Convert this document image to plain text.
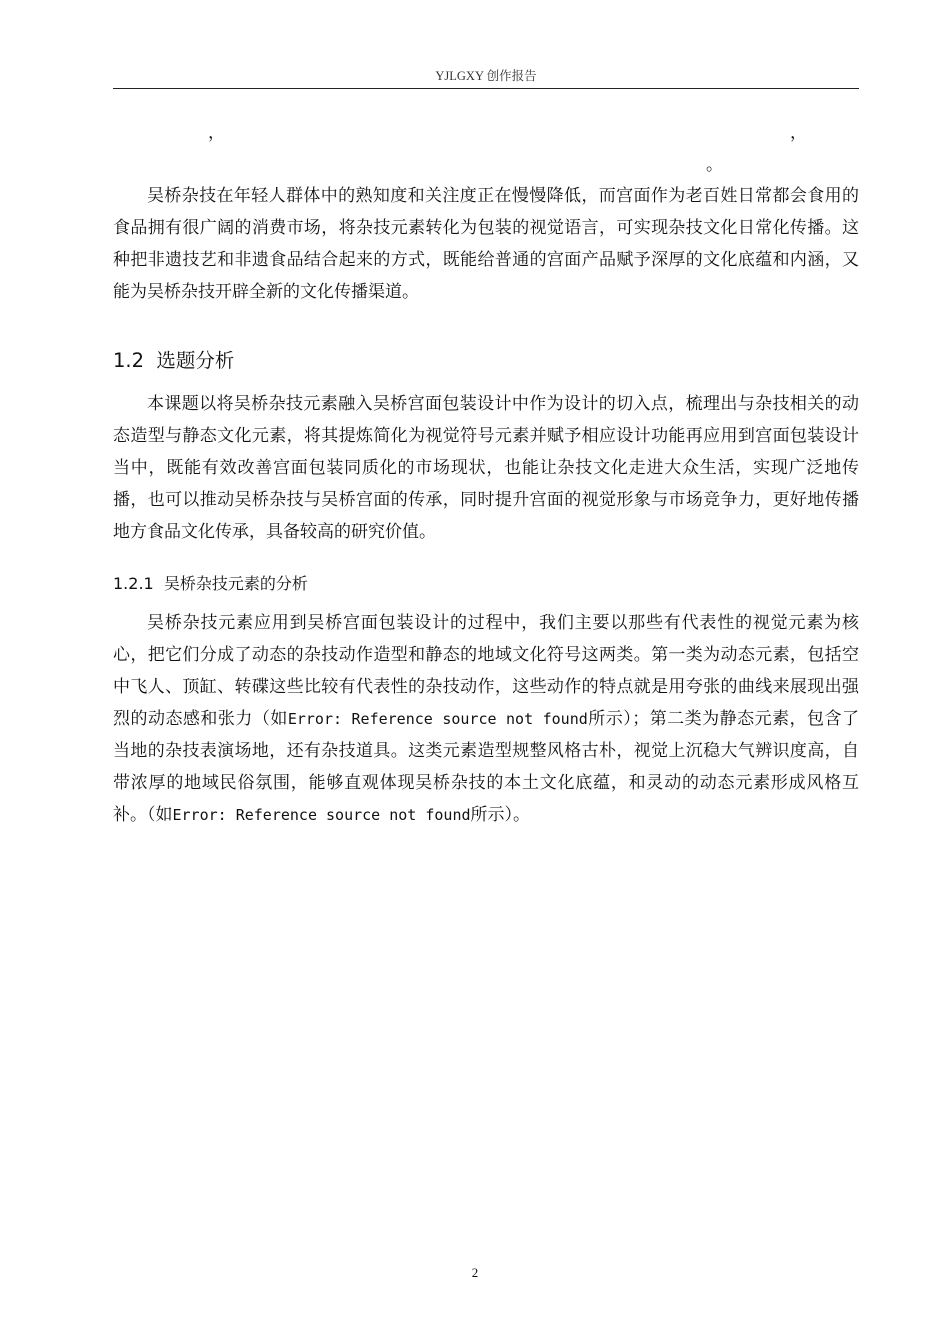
YJLGXY 创作报告
，	，
。

吴桥杂技在年轻人群体中的熟知度和关注度正在慢慢降低，而宫面作为老百姓日常都会食用的食品拥有很广阔的消费市场，将杂技元素转化为包装的视觉语言，可实现杂技文化日常化传播。这种把非遗技艺和非遗食品结合起来的方式，既能给普通的宫面产品赋予深厚的文化底蕴和内涵，又能为吴桥杂技开辟全新的文化传播渠道。

1.2 选题分析

本课题以将吴桥杂技元素融入吴桥宫面包装设计中作为设计的切入点，梳理出与杂技相关的动态造型与静态文化元素，将其提炼简化为视觉符号元素并赋予相应设计功能再应用到宫面包装设计当中，既能有效改善宫面包装同质化的市场现状，也能让杂技文化走进大众生活，实现广泛地传播，也可以推动吴桥杂技与吴桥宫面的传承，同时提升宫面的视觉形象与市场竞争力，更好地传播地方食品文化传承，具备较高的研究价值。

1.2.1 吴桥杂技元素的分析

吴桥杂技元素应用到吴桥宫面包装设计的过程中，我们主要以那些有代表性的视觉元素为核心，把它们分成了动态的杂技动作造型和静态的地域文化符号这两类。第一类为动态元素，包括空中飞人、顶缸、转碟这些比较有代表性的杂技动作，这些动作的特点就是用夸张的曲线来展现出强烈的动态感和张力（如Error: Reference source not found所示）；第二类为静态元素，包含了当地的杂技表演场地，还有杂技道具。这类元素造型规整风格古朴，视觉上沉稳大气辨识度高，自带浓厚的地域民俗氛围，能够直观体现吴桥杂技的本土文化底蕴，和灵动的动态元素形成风格互补。（如Error: Reference source not found所示）。

2
